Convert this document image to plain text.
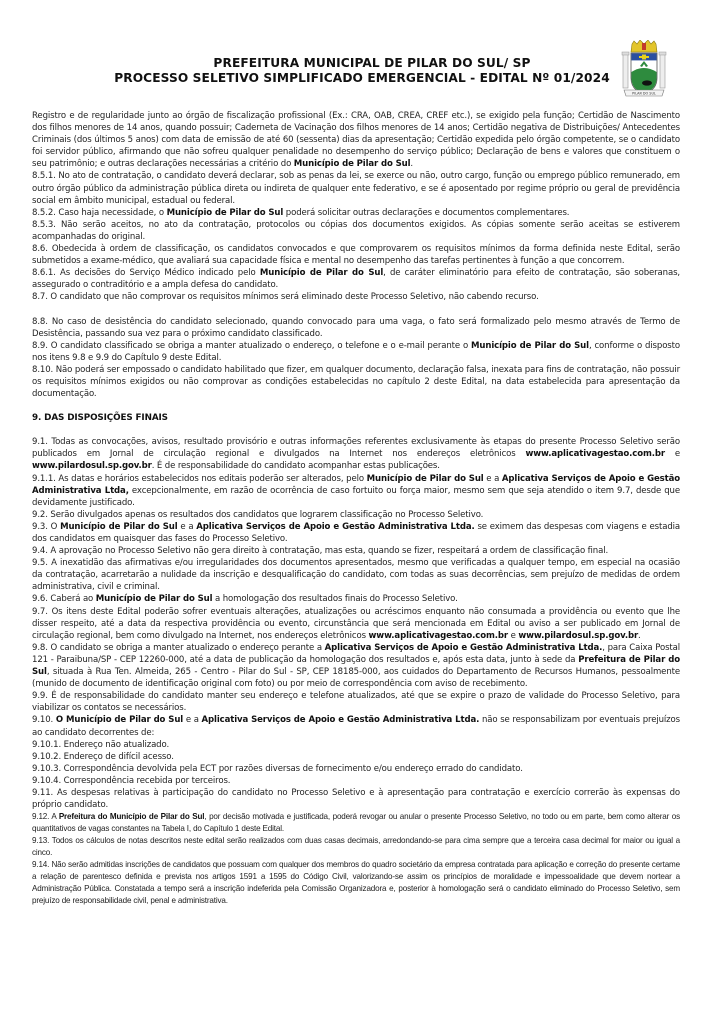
PREFEITURA MUNICIPAL DE PILAR DO SUL/ SP
PROCESSO SELETIVO SIMPLIFICADO EMERGENCIAL - EDITAL Nº 01/2024
PILAR DO SUL

Registro e de regularidade junto ao órgão de fiscalização profissional (Ex.: CRA, OAB, CREA, CREF etc.), se exigido pela função; Certidão de Nascimento dos filhos menores de 14 anos, quando possuir; Caderneta de Vacinação dos filhos menores de 14 anos; Certidão negativa de Distribuições/ Antecedentes Criminais (dos últimos 5 anos) com data de emissão de até 60 (sessenta) dias da apresentação; Certidão expedida pelo órgão competente, se o candidato foi servidor público, afirmando que não sofreu qualquer penalidade no desempenho do serviço público; Declaração de bens e valores que constituem o seu patrimônio; e outras declarações necessárias a critério do Município de Pilar do Sul.

8.5.1. No ato de contratação, o candidato deverá declarar, sob as penas da lei, se exerce ou não, outro cargo, função ou emprego público remunerado, em outro órgão público da administração pública direta ou indireta de qualquer ente federativo, e se é aposentado por regime próprio ou geral de previdência social em âmbito municipal, estadual ou federal.

8.5.2. Caso haja necessidade, o Município de Pilar do Sul poderá solicitar outras declarações e documentos complementares.

8.5.3. Não serão aceitos, no ato da contratação, protocolos ou cópias dos documentos exigidos. As cópias somente serão aceitas se estiverem acompanhadas do original.

8.6. Obedecida à ordem de classificação, os candidatos convocados e que comprovarem os requisitos mínimos da forma definida neste Edital, serão submetidos a exame-médico, que avaliará sua capacidade física e mental no desempenho das tarefas pertinentes à função a que concorrem.

8.6.1. As decisões do Serviço Médico indicado pelo Município de Pilar do Sul, de caráter eliminatório para efeito de contratação, são soberanas, assegurado o contraditório e a ampla defesa do candidato.

8.7. O candidato que não comprovar os requisitos mínimos será eliminado deste Processo Seletivo, não cabendo recurso.

8.8. No caso de desistência do candidato selecionado, quando convocado para uma vaga, o fato será formalizado pelo mesmo através de Termo de Desistência, passando sua vez para o próximo candidato classificado.

8.9. O candidato classificado se obriga a manter atualizado o endereço, o telefone e o e-mail perante o Município de Pilar do Sul, conforme o disposto nos itens 9.8 e 9.9 do Capítulo 9 deste Edital.

8.10. Não poderá ser empossado o candidato habilitado que fizer, em qualquer documento, declaração falsa, inexata para fins de contratação, não possuir os requisitos mínimos exigidos ou não comprovar as condições estabelecidas no capítulo 2 deste Edital, na data estabelecida para apresentação da documentação.

9. DAS DISPOSIÇÕES FINAIS

9.1. Todas as convocações, avisos, resultado provisório e outras informações referentes exclusivamente às etapas do presente Processo Seletivo serão publicados em Jornal de circulação regional e divulgados na Internet nos endereços eletrônicos www.aplicativagestao.com.br e www.pilardosul.sp.gov.br. É de responsabilidade do candidato acompanhar estas publicações.

9.1.1. As datas e horários estabelecidos nos editais poderão ser alterados, pelo Município de Pilar do Sul e a Aplicativa Serviços de Apoio e Gestão Administrativa Ltda, excepcionalmente, em razão de ocorrência de caso fortuito ou força maior, mesmo sem que seja atendido o item 9.7, desde que devidamente justificado.

9.2. Serão divulgados apenas os resultados dos candidatos que lograrem classificação no Processo Seletivo.

9.3. O Município de Pilar do Sul e a Aplicativa Serviços de Apoio e Gestão Administrativa Ltda. se eximem das despesas com viagens e estadia dos candidatos em quaisquer das fases do Processo Seletivo.

9.4. A aprovação no Processo Seletivo não gera direito à contratação, mas esta, quando se fizer, respeitará a ordem de classificação final.

9.5. A inexatidão das afirmativas e/ou irregularidades dos documentos apresentados, mesmo que verificadas a qualquer tempo, em especial na ocasião da contratação, acarretarão a nulidade da inscrição e desqualificação do candidato, com todas as suas decorrências, sem prejuízo de medidas de ordem administrativa, civil e criminal.

9.6. Caberá ao Município de Pilar do Sul a homologação dos resultados finais do Processo Seletivo.

9.7. Os itens deste Edital poderão sofrer eventuais alterações, atualizações ou acréscimos enquanto não consumada a providência ou evento que lhe disser respeito, até a data da respectiva providência ou evento, circunstância que será mencionada em Edital ou aviso a ser publicado em Jornal de circulação regional, bem como divulgado na Internet, nos endereços eletrônicos www.aplicativagestao.com.br e www.pilardosul.sp.gov.br.

9.8. O candidato se obriga a manter atualizado o endereço perante a Aplicativa Serviços de Apoio e Gestão Administrativa Ltda., para Caixa Postal 121 - Paraibuna/SP - CEP 12260-000, até a data de publicação da homologação dos resultados e, após esta data, junto à sede da Prefeitura de Pilar do Sul, situada à Rua Ten. Almeida, 265 - Centro - Pilar do Sul - SP, CEP 18185-000, aos cuidados do Departamento de Recursos Humanos, pessoalmente (munido de documento de identificação original com foto) ou por meio de correspondência com aviso de recebimento.

9.9. É de responsabilidade do candidato manter seu endereço e telefone atualizados, até que se expire o prazo de validade do Processo Seletivo, para viabilizar os contatos se necessários.

9.10. O Município de Pilar do Sul e a Aplicativa Serviços de Apoio e Gestão Administrativa Ltda. não se responsabilizam por eventuais prejuízos ao candidato decorrentes de:

9.10.1. Endereço não atualizado.

9.10.2. Endereço de difícil acesso.

9.10.3. Correspondência devolvida pela ECT por razões diversas de fornecimento e/ou endereço errado do candidato.

9.10.4. Correspondência recebida por terceiros.

9.11. As despesas relativas à participação do candidato no Processo Seletivo e à apresentação para contratação e exercício correrão às expensas do próprio candidato.

9.12. A Prefeitura do Município de Pilar do Sul, por decisão motivada e justificada, poderá revogar ou anular o presente Processo Seletivo, no todo ou em parte, bem como alterar os quantitativos de vagas constantes na Tabela I, do Capítulo 1 deste Edital.

9.13. Todos os cálculos de notas descritos neste edital serão realizados com duas casas decimais, arredondando-se para cima sempre que a terceira casa decimal for maior ou igual a cinco.

9.14. Não serão admitidas inscrições de candidatos que possuam com qualquer dos membros do quadro societário da empresa contratada para aplicação e correção do presente certame a relação de parentesco definida e prevista nos artigos 1591 a 1595 do Código Civil, valorizando-se assim os princípios de moralidade e impessoalidade que devem nortear a Administração Pública. Constatada a tempo será a inscrição indeferida pela Comissão Organizadora e, posterior à homologação será o candidato eliminado do Processo Seletivo, sem prejuízo de responsabilidade civil, penal e administrativa.
